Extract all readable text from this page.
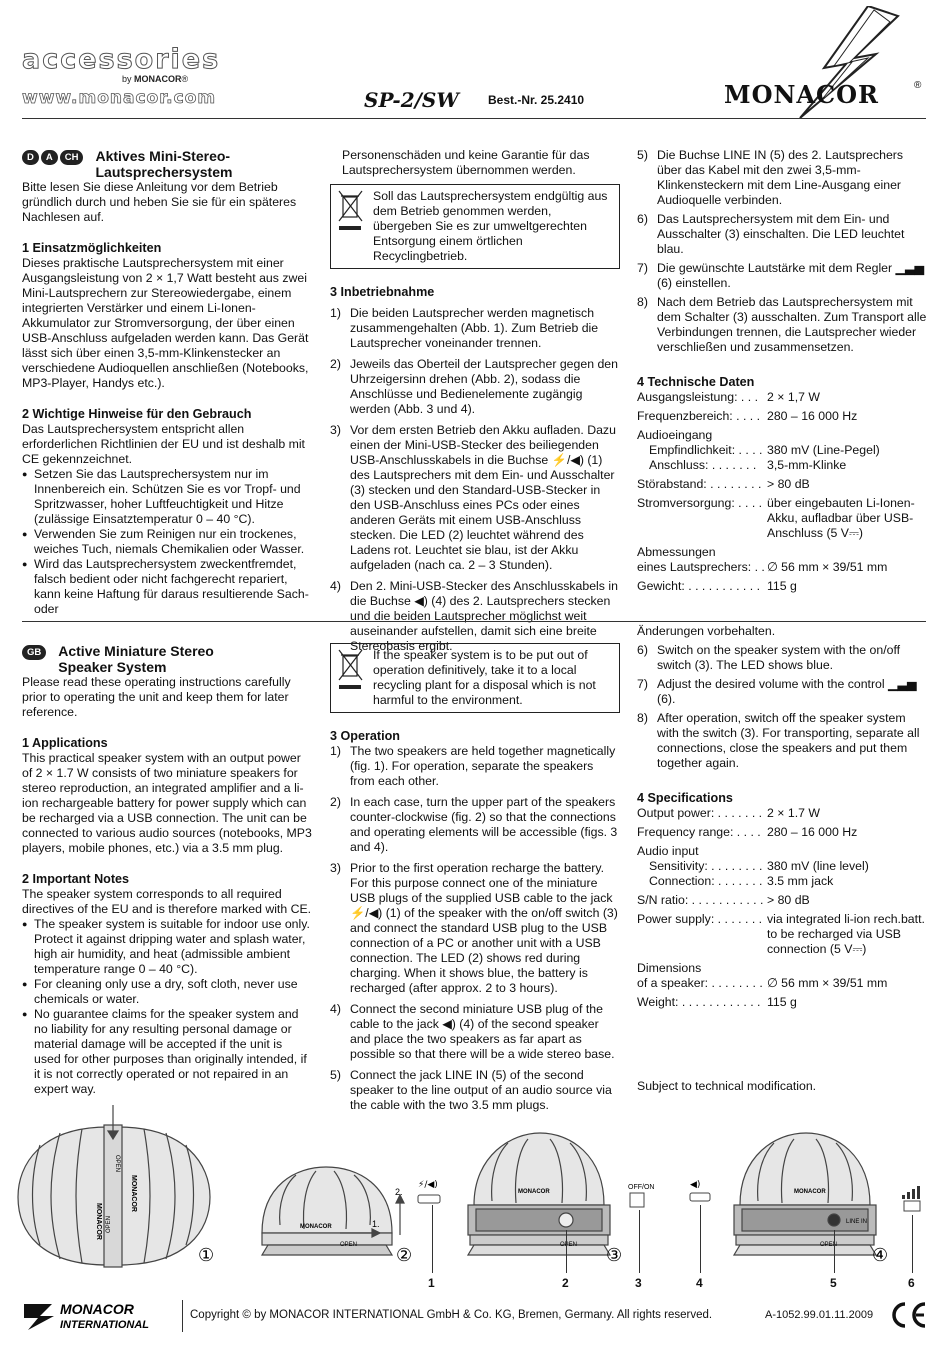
accessories
by MONACOR®
www.monacor.com	SP-2/SW Best.-Nr. 25.2410	MONACOR	®
D	A	CH	Aktives Mini-Stereo-
Lautsprechersystem

Bitte lesen Sie diese Anleitung vor dem Betrieb gründlich durch und heben Sie sie für ein späteres Nachlesen auf.

1 Einsatzmöglichkeiten

Dieses praktische Lautsprechersystem mit einer Ausgangsleistung von 2 × 1,7 Watt besteht aus zwei Mini-Lautsprechern zur Stereowiedergabe, einem integrierten Verstärker und einem Li-Ionen-Akkumulator zur Stromversorgung, der über einen USB-Anschluss aufgeladen werden kann. Das Gerät lässt sich über einen 3,5-mm-Klinkenstecker an verschiedene Audioquellen anschließen (Notebooks, MP3-Player, Handys etc.).

2 Wichtige Hinweise für den Gebrauch

Das Lautsprechersystem entspricht allen erforderlichen Richtlinien der EU und ist deshalb mit CE gekennzeichnet.

● Setzen Sie das Lautsprechersystem nur im Innenbereich ein. Schützen Sie es vor Tropf- und Spritzwasser, hoher Luftfeuchtigkeit und Hitze (zulässige Einsatztemperatur 0 – 40 °C).
● Verwenden Sie zum Reinigen nur ein trockenes, weiches Tuch, niemals Chemikalien oder Wasser.
● Wird das Lautsprechersystem zweckentfremdet, falsch bedient oder nicht fachgerecht repariert, kann keine Haftung für daraus resultierende Sach- oder

Personenschäden und keine Garantie für das Lautsprechersystem übernommen werden.

Soll das Lautsprechersystem endgültig aus dem Betrieb genommen werden, übergeben Sie es zur umweltgerechten Entsorgung einem örtlichen Recyclingbetrieb.

3 Inbetriebnahme
1) Die beiden Lautsprecher werden magnetisch zusammengehalten (Abb. 1). Zum Betrieb die Lautsprecher voneinander trennen.
2) Jeweils das Oberteil der Lautsprecher gegen den Uhrzeigersinn drehen (Abb. 2), sodass die Anschlüsse und Bedienelemente zugängig werden (Abb. 3 und 4).
3) Vor dem ersten Betrieb den Akku aufladen. Dazu einen der Mini-USB-Stecker des beiliegenden USB-Anschlusskabels in die Buchse ⚡/◀) (1) des Lautsprechers mit dem Ein- und Ausschalter (3) stecken und den Standard-USB-Stecker in den USB-Anschluss eines PCs oder eines anderen Geräts mit einem USB-Anschluss stecken. Die LED (2) leuchtet während des Ladens rot. Leuchtet sie blau, ist der Akku aufgeladen (nach ca. 2 – 3 Stunden).
4) Den 2. Mini-USB-Stecker des Anschlusskabels in die Buchse ◀) (4) des 2. Lautsprechers stecken und die beiden Lautsprecher möglichst weit auseinander aufstellen, damit sich eine breite Stereobasis ergibt.
5) Die Buchse LINE IN (5) des 2. Lautsprechers über das Kabel mit den zwei 3,5-mm-Klinkensteckern mit dem Line-Ausgang einer Audioquelle verbinden.
6) Das Lautsprechersystem mit dem Ein- und Ausschalter (3) einschalten. Die LED leuchtet blau.
7) Die gewünschte Lautstärke mit dem Regler ▁▃▅ (6) einstellen.
8) Nach dem Betrieb das Lautsprechersystem mit dem Schalter (3) ausschalten. Zum Transport alle Verbindungen trennen, die Lautsprecher wieder verschließen und zusammensetzen.
4 Technische Daten
Ausgangsleistung: . . . 2 × 1,7 W
Frequenzbereich: . . . . 280 – 16 000 Hz
Audioeingang
Empfindlichkeit: . . . . 380 mV (Line-Pegel)
Anschluss: . . . . . . . 3,5-mm-Klinke
Störabstand: . . . . . . . . > 80 dB
Stromversorgung: . . . . über eingebauten Li-Ionen-Akku, aufladbar über USB-Anschluss (5 V⎓)
Abmessungen
eines Lautsprechers: . . ∅ 56 mm × 39/51 mm
Gewicht: . . . . . . . . . . . 115 g

Änderungen vorbehalten.

GB	Active Miniature Stereo
Speaker System

Please read these operating instructions carefully prior to operating the unit and keep them for later reference.

1 Applications

This practical speaker system with an output power of 2 × 1.7 W consists of two miniature speakers for stereo reproduction, an integrated amplifier and a li-ion rechargeable battery for power supply which can be recharged via a USB connection. The unit can be connected to various audio sources (notebooks, MP3 players, mobile phones, etc.) via a 3.5 mm plug.

2 Important Notes

The speaker system corresponds to all required directives of the EU and is therefore marked with CE.

● The speaker system is suitable for indoor use only. Protect it against dripping water and splash water, high air humidity, and heat (admissible ambient temperature range 0 – 40 °C).
● For cleaning only use a dry, soft cloth, never use chemicals or water.
● No guarantee claims for the speaker system and no liability for any resulting personal damage or material damage will be accepted if the unit is used for other purposes than originally intended, if it is not correctly operated or not repaired in an expert way.

If the speaker system is to be put out of operation definitively, take it to a local recycling plant for a disposal which is not harmful to the environment.

3 Operation
1) The two speakers are held together magnetically (fig. 1). For operation, separate the speakers from each other.
2) In each case, turn the upper part of the speakers counter-clockwise (fig. 2) so that the connections and operating elements will be accessible (figs. 3 and 4).
3) Prior to the first operation recharge the battery. For this purpose connect one of the miniature USB plugs of the supplied USB cable to the jack ⚡/◀) (1) of the speaker with the on/off switch (3) and connect the standard USB plug to the USB connection of a PC or another unit with a USB connection. The LED (2) shows red during charging. When it shows blue, the battery is recharged (after approx. 2 to 3 hours).
4) Connect the second miniature USB plug of the cable to the jack ◀) (4) of the second speaker and place the two speakers as far apart as possible so that there will be a wide stereo base.
5) Connect the jack LINE IN (5) of the second speaker to the line output of an audio source via the cable with the two 3.5 mm plugs.
6) Switch on the speaker system with the on/off switch (3). The LED shows blue.
7) Adjust the desired volume with the control ▁▃▅ (6).
8) After operation, switch off the speaker system with the switch (3). For transporting, separate all connections, close the speakers and put them together again.
4 Specifications
Output power: . . . . . . . 2 × 1.7 W
Frequency range: . . . . 280 – 16 000 Hz
Audio input
Sensitivity: . . . . . . . . 380 mV (line level)
Connection: . . . . . . . 3.5 mm jack
S/N ratio: . . . . . . . . . . . > 80 dB
Power supply: . . . . . . . via integrated li-ion rech.batt. to be recharged via USB connection (5 V⎓)
Dimensions
of a speaker: . . . . . . . . ∅ 56 mm × 39/51 mm
Weight: . . . . . . . . . . . . 115 g

Subject to technical modification.

MONACOR
MONACOR
OPEN
OPEN
①
MONACOR
OPEN
1.
2.
②
MONACOR
OPEN
OFF/ON
⚡/◀)
③
MONACOR
LINE IN
OPEN
◀)
④
1	2	3	4	5	6
MONACOR
INTERNATIONAL
Copyright © by MONACOR INTERNATIONAL GmbH & Co. KG, Bremen, Germany. All rights reserved.	A-1052.99.01.11.2009
